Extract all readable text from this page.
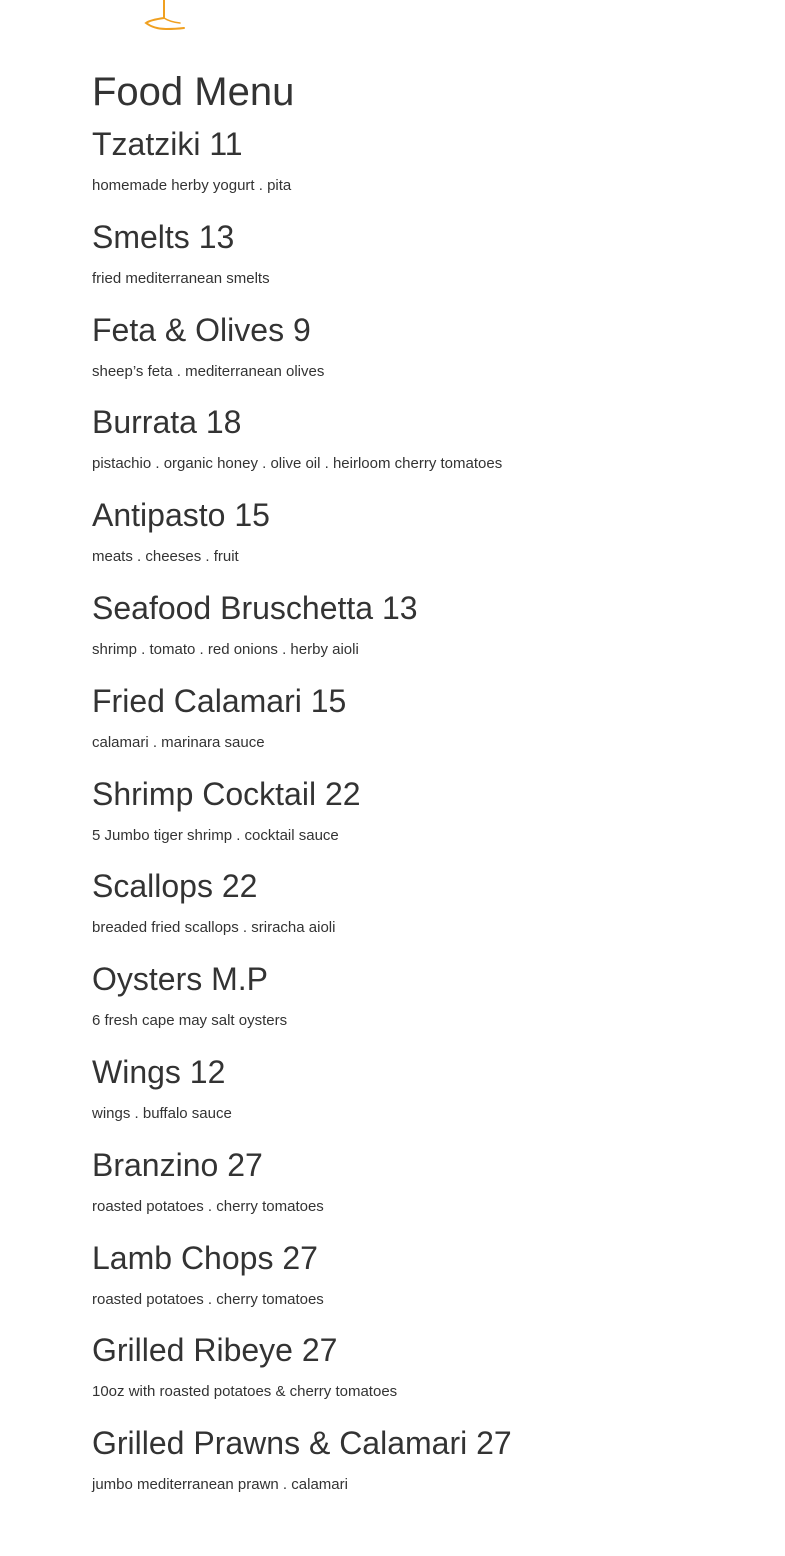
Food Menu
Tzatziki 11

homemade herby yogurt . pita

Smelts 13

fried mediterranean smelts

Feta & Olives 9

sheep’s feta . mediterranean olives

Burrata 18

pistachio . organic honey . olive oil . heirloom cherry tomatoes

Antipasto 15

meats . cheeses . fruit

Seafood Bruschetta 13

shrimp . tomato . red onions . herby aioli

Fried Calamari 15

calamari . marinara sauce

Shrimp Cocktail 22

5 Jumbo tiger shrimp . cocktail sauce

Scallops 22

breaded fried scallops . sriracha aioli

Oysters M.P

6 fresh cape may salt oysters

Wings 12

wings . buffalo sauce

Branzino 27

roasted potatoes . cherry tomatoes

Lamb Chops 27

roasted potatoes . cherry tomatoes

Grilled Ribeye 27

10oz with roasted potatoes & cherry tomatoes

Grilled Prawns & Calamari 27

jumbo mediterranean prawn . calamari
